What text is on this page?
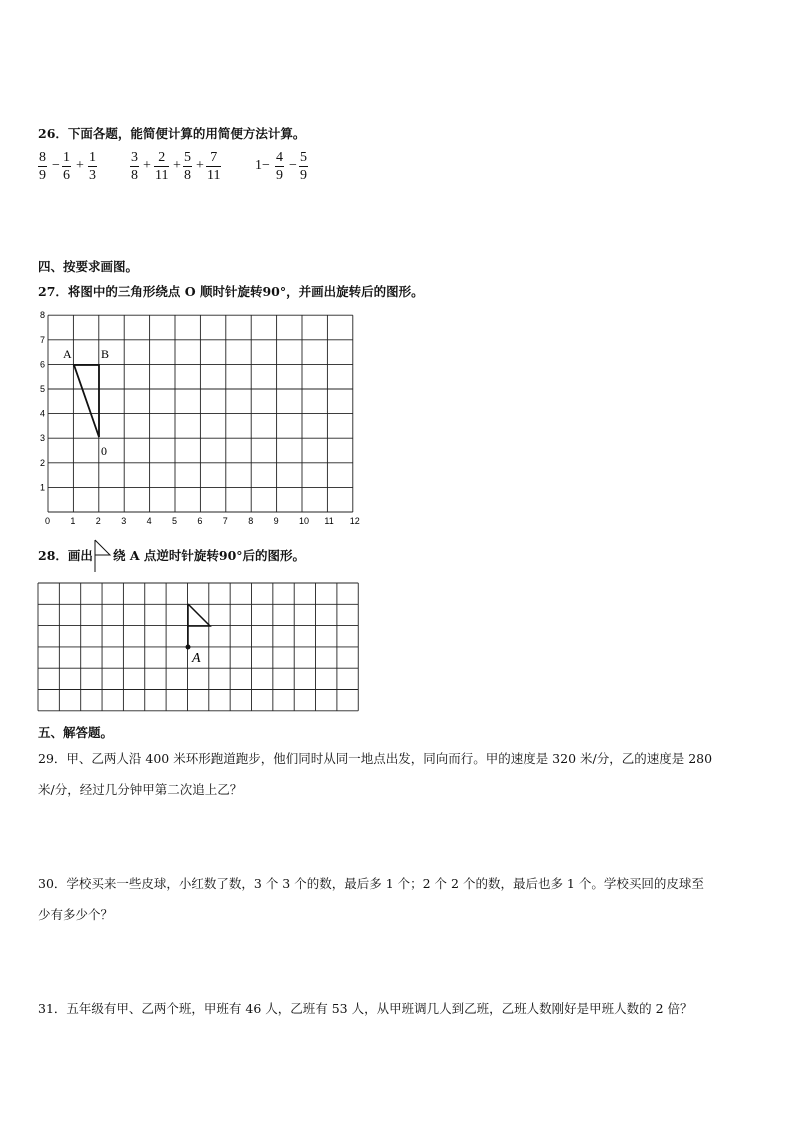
26．下面各题，能简便计算的用简便方法计算。
$\frac{8}{9} - \frac{1}{6} + \frac{1}{3} \frac{3}{8} + \frac{2}{11} + \frac{5}{8} + \frac{7}{11} 1- \frac{4}{9} - \frac{5}{9}$
四、按要求画图。
27．将图中的三角形绕点 O 顺时针旋转90°，并画出旋转后的图形。
0 1 2 3 4 5 6 7 8 9 10 11 12
1
2
3
4
5
6
7
8
A B
0
A
28．画出 绕 A 点逆时针旋转90°后的图形。
五、解答题。
29．甲、乙两人沿 400 米环形跑道跑步，他们同时从同一地点出发，同向而行。甲的速度是 320 米/分，乙的速度是 280
米/分，经过几分钟甲第二次追上乙？
30．学校买来一些皮球，小红数了数，3 个 3 个的数，最后多 1 个；2 个 2 个的数，最后也多 1 个。学校买回的皮球至
少有多少个？
31．五年级有甲、乙两个班，甲班有 46 人，乙班有 53 人，从甲班调几人到乙班，乙班人数刚好是甲班人数的 2 倍？
